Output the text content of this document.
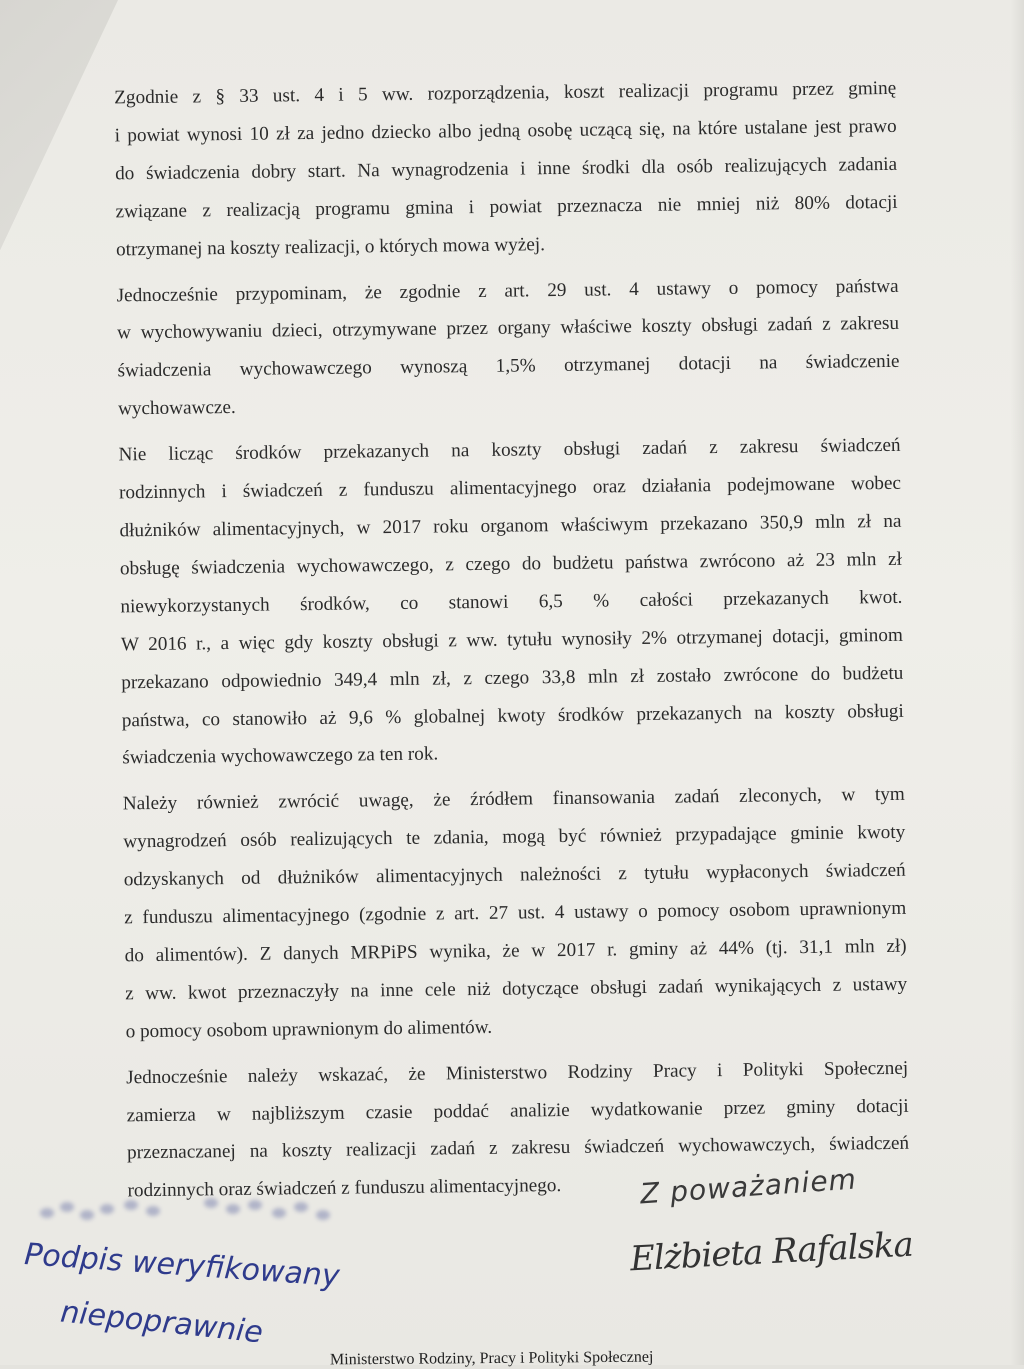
Zgodnie z § 33 ust. 4 i 5 ww. rozporządzenia, koszt realizacji programu przez gminę
i powiat wynosi 10 zł za jedno dziecko albo jedną osobę uczącą się, na które ustalane jest prawo
do świadczenia dobry start. Na wynagrodzenia i inne środki dla osób realizujących zadania
związane z realizacją programu gmina i powiat przeznacza nie mniej niż 80% dotacji
otrzymanej na koszty realizacji, o których mowa wyżej.

Jednocześnie przypominam, że zgodnie z art. 29 ust. 4 ustawy o pomocy państwa
w wychowywaniu dzieci, otrzymywane przez organy właściwe koszty obsługi zadań z zakresu
świadczenia wychowawczego wynoszą 1,5% otrzymanej dotacji na świadczenie
wychowawcze.

Nie licząc środków przekazanych na koszty obsługi zadań z zakresu świadczeń
rodzinnych i świadczeń z funduszu alimentacyjnego oraz działania podejmowane wobec
dłużników alimentacyjnych, w 2017 roku organom właściwym przekazano 350,9 mln zł na
obsługę świadczenia wychowawczego, z czego do budżetu państwa zwrócono aż 23 mln zł
niewykorzystanych środków, co stanowi 6,5 % całości przekazanych kwot.
W 2016 r., a więc gdy koszty obsługi z ww. tytułu wynosiły 2% otrzymanej dotacji, gminom
przekazano odpowiednio 349,4 mln zł, z czego 33,8 mln zł zostało zwrócone do budżetu
państwa, co stanowiło aż 9,6 % globalnej kwoty środków przekazanych na koszty obsługi
świadczenia wychowawczego za ten rok.

Należy również zwrócić uwagę, że źródłem finansowania zadań zleconych, w tym
wynagrodzeń osób realizujących te zdania, mogą być również przypadające gminie kwoty
odzyskanych od dłużników alimentacyjnych należności z tytułu wypłaconych świadczeń
z funduszu alimentacyjnego (zgodnie z art. 27 ust. 4 ustawy o pomocy osobom uprawnionym
do alimentów). Z danych MRPiPS wynika, że w 2017 r. gminy aż 44% (tj. 31,1 mln zł)
z ww. kwot przeznaczyły na inne cele niż dotyczące obsługi zadań wynikających z ustawy
o pomocy osobom uprawnionym do alimentów.

Jednocześnie należy wskazać, że Ministerstwo Rodziny Pracy i Polityki Społecznej
zamierza w najbliższym czasie poddać analizie wydatkowanie przez gminy dotacji
przeznaczanej na koszty realizacji zadań z zakresu świadczeń wychowawczych, świadczeń
rodzinnych oraz świadczeń z funduszu alimentacyjnego.	Z poważaniem
Elżbieta Rafalska
Podpis weryfikowany
niepoprawnie
Ministerstwo Rodziny, Pracy i Polityki Społecznej
